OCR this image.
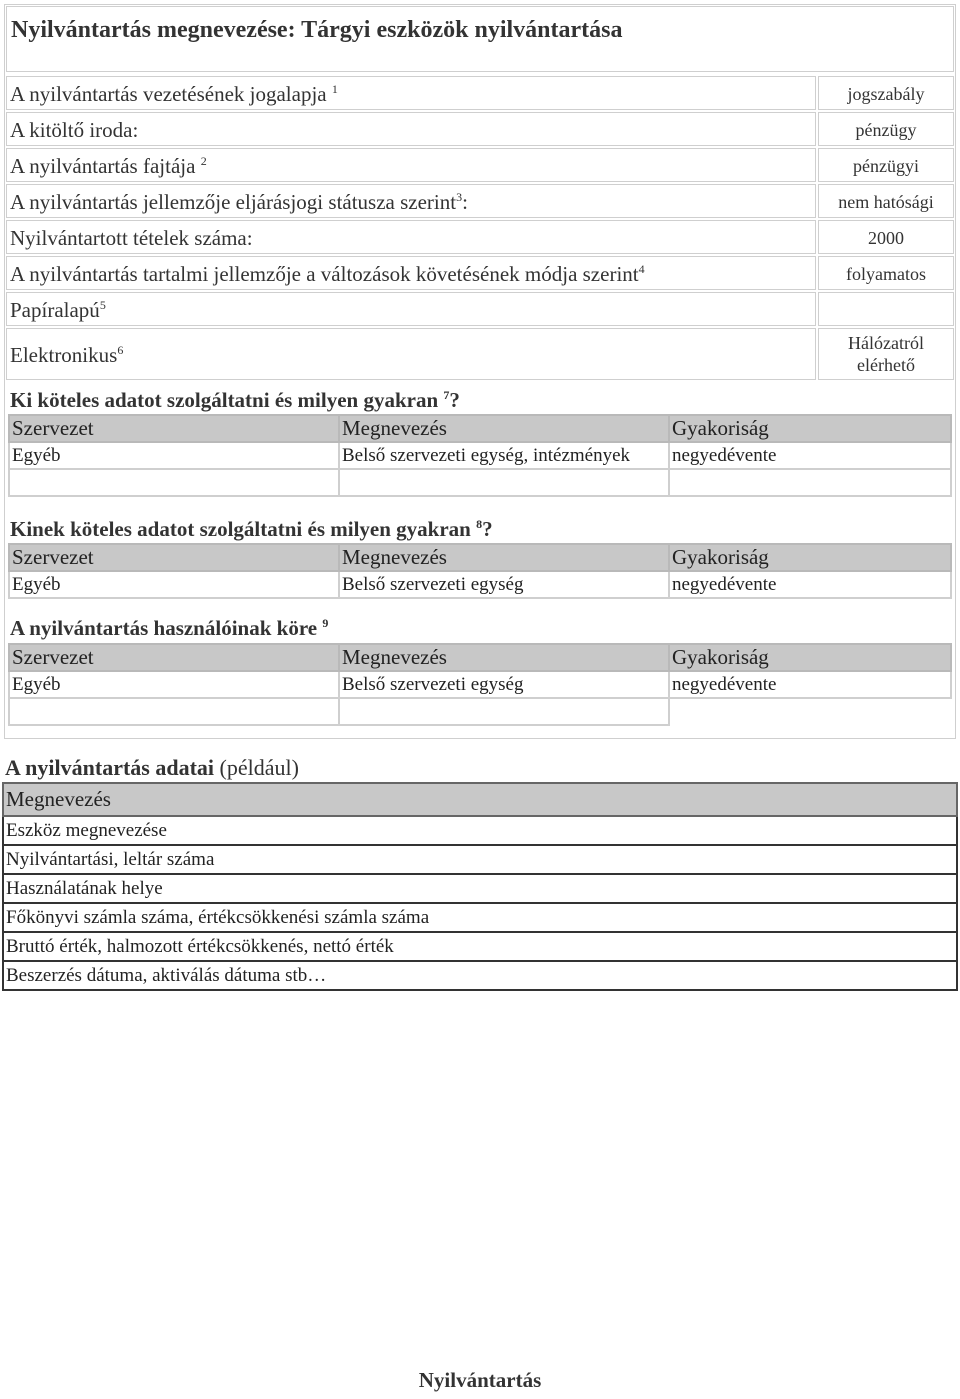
Nyilvántartás megnevezése: Tárgyi eszközök nyilvántartása
A nyilvántartás vezetésének jogalapja $^1$	jogszabály
A kitöltő iroda:	pénzügy
A nyilvántartás fajtája $^2$	pénzügyi
A nyilvántartás jellemzője eljárásjogi státusza szerint$^3$:	nem hatósági
Nyilvántartott tételek száma:	2000
A nyilvántartás tartalmi jellemzője a változások követésének módja szerint$^4$	folyamatos
Papíralapú$^5$
Elektronikus$^6$	Hálózatról
elérhető
Ki köteles adatot szolgáltatni és milyen gyakran $^7$?
Szervezet	Megnevezés	Gyakoriság
Egyéb	Belső szervezeti egység, intézmények	negyedévente

Kinek köteles adatot szolgáltatni és milyen gyakran $^8$?
Szervezet	Megnevezés	Gyakoriság
Egyéb	Belső szervezeti egység	negyedévente
A nyilvántartás használóinak köre $^9$
Szervezet	Megnevezés	Gyakoriság
Egyéb	Belső szervezeti egység	negyedévente

A nyilvántartás adatai (például)
Megnevezés
Eszköz megnevezése
Nyilvántartási, leltár száma
Használatának helye
Főkönyvi számla száma, értékcsökkenési számla száma
Bruttó érték, halmozott értékcsökkenés, nettó érték
Beszerzés dátuma, aktiválás dátuma stb…
Nyilvántartás
